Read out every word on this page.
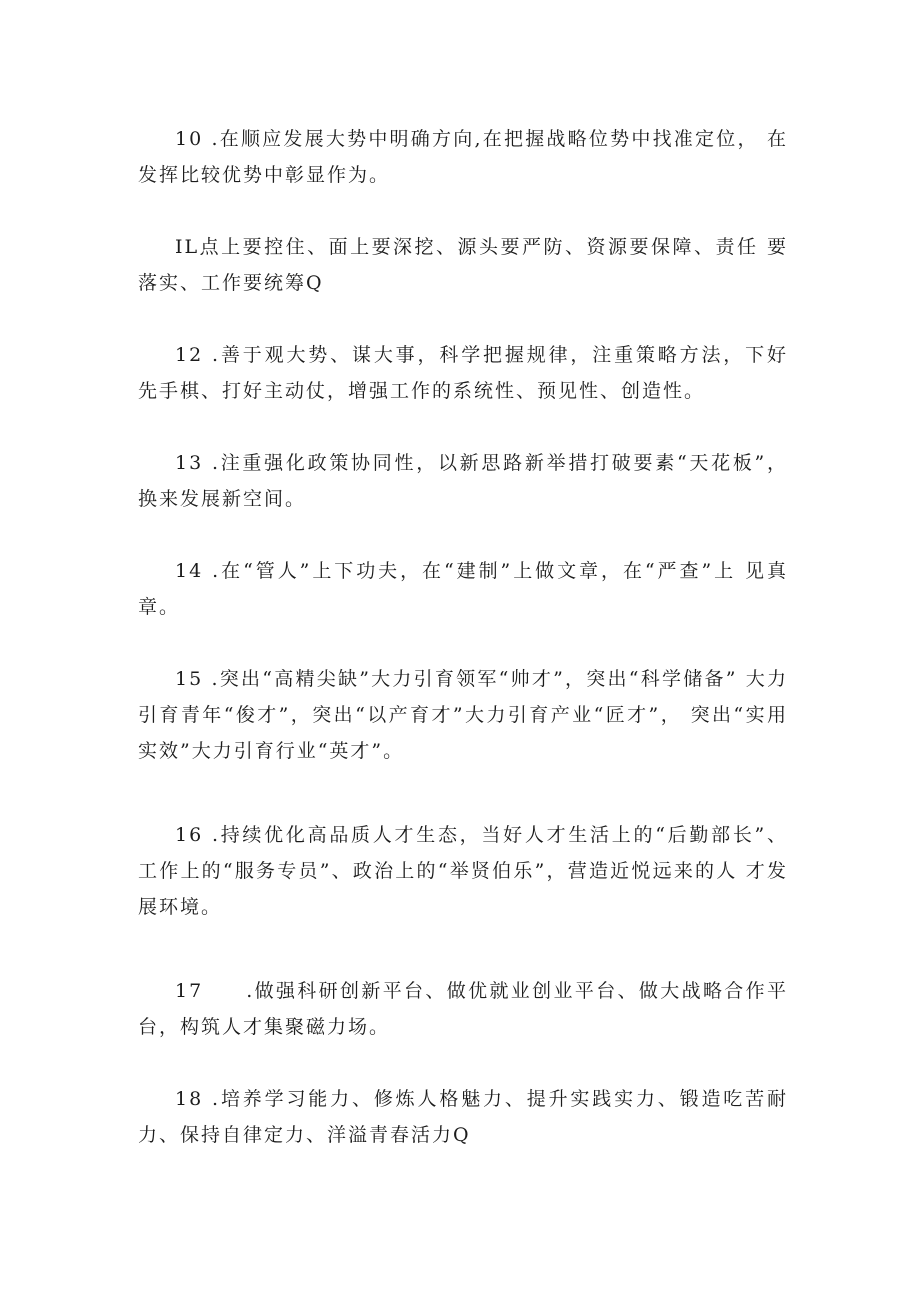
10 .在顺应发展大势中明确方向,在把握战略位势中找准定位， 在发挥比较优势中彰显作为。

IL点上要控住、面上要深挖、源头要严防、资源要保障、责任 要落实、工作要统筹Q

12 .善于观大势、谋大事，科学把握规律，注重策略方法，下好 先手棋、打好主动仗，增强工作的系统性、预见性、创造性。

13 .注重强化政策协同性，以新思路新举措打破要素“天花板”， 换来发展新空间。

14 .在“管人”上下功夫，在“建制”上做文章，在“严查”上 见真章。

15 .突出“高精尖缺”大力引育领军“帅才”，突出“科学储备” 大力引育青年“俊才”，突出“以产育才”大力引育产业“匠才”， 突出“实用实效”大力引育行业“英才”。

16 .持续优化高品质人才生态，当好人才生活上的“后勤部长”、 工作上的“服务专员”、政治上的“举贤伯乐”，营造近悦远来的人 才发展环境。

17　　.做强科研创新平台、做优就业创业平台、做大战略合作平台，构筑人才集聚磁力场。

18 .培养学习能力、修炼人格魅力、提升实践实力、锻造吃苦耐　力、保持自律定力、洋溢青春活力Q
